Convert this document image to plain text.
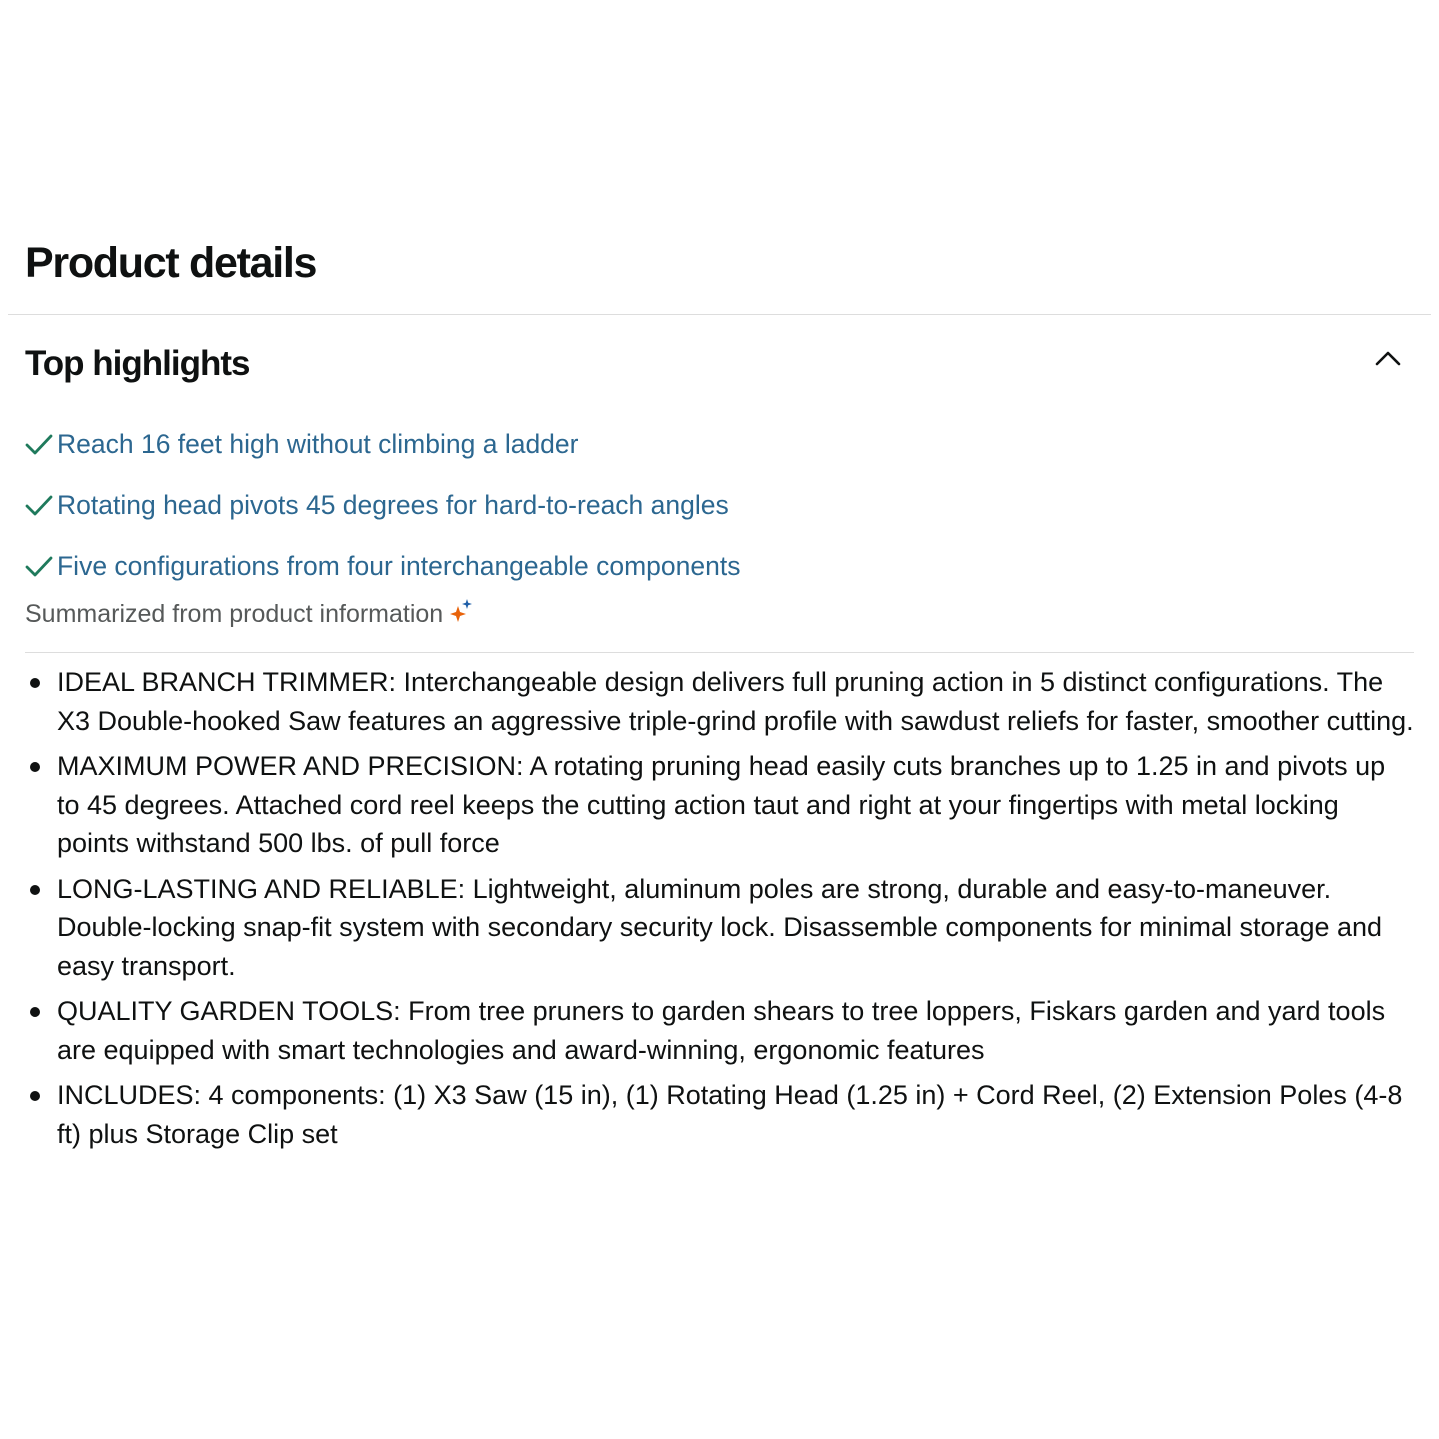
Product details
Top highlights
Reach 16 feet high without climbing a ladder
Rotating head pivots 45 degrees for hard-to-reach angles
Five configurations from four interchangeable components
Summarized from product information
IDEAL BRANCH TRIMMER: Interchangeable design delivers full pruning action in 5 distinct configurations. The X3 Double-hooked Saw features an aggressive triple-grind profile with sawdust reliefs for faster, smoother cutting.
MAXIMUM POWER AND PRECISION: A rotating pruning head easily cuts branches up to 1.25 in and pivots up to 45 degrees. Attached cord reel keeps the cutting action taut and right at your fingertips with metal locking points withstand 500 lbs. of pull force
LONG-LASTING AND RELIABLE: Lightweight, aluminum poles are strong, durable and easy-to-maneuver. Double-locking snap-fit system with secondary security lock. Disassemble components for minimal storage and easy transport.
QUALITY GARDEN TOOLS: From tree pruners to garden shears to tree loppers, Fiskars garden and yard tools are equipped with smart technologies and award-winning, ergonomic features
INCLUDES: 4 components: (1) X3 Saw (15 in), (1) Rotating Head (1.25 in) + Cord Reel, (2) Extension Poles (4-8 ft) plus Storage Clip set
